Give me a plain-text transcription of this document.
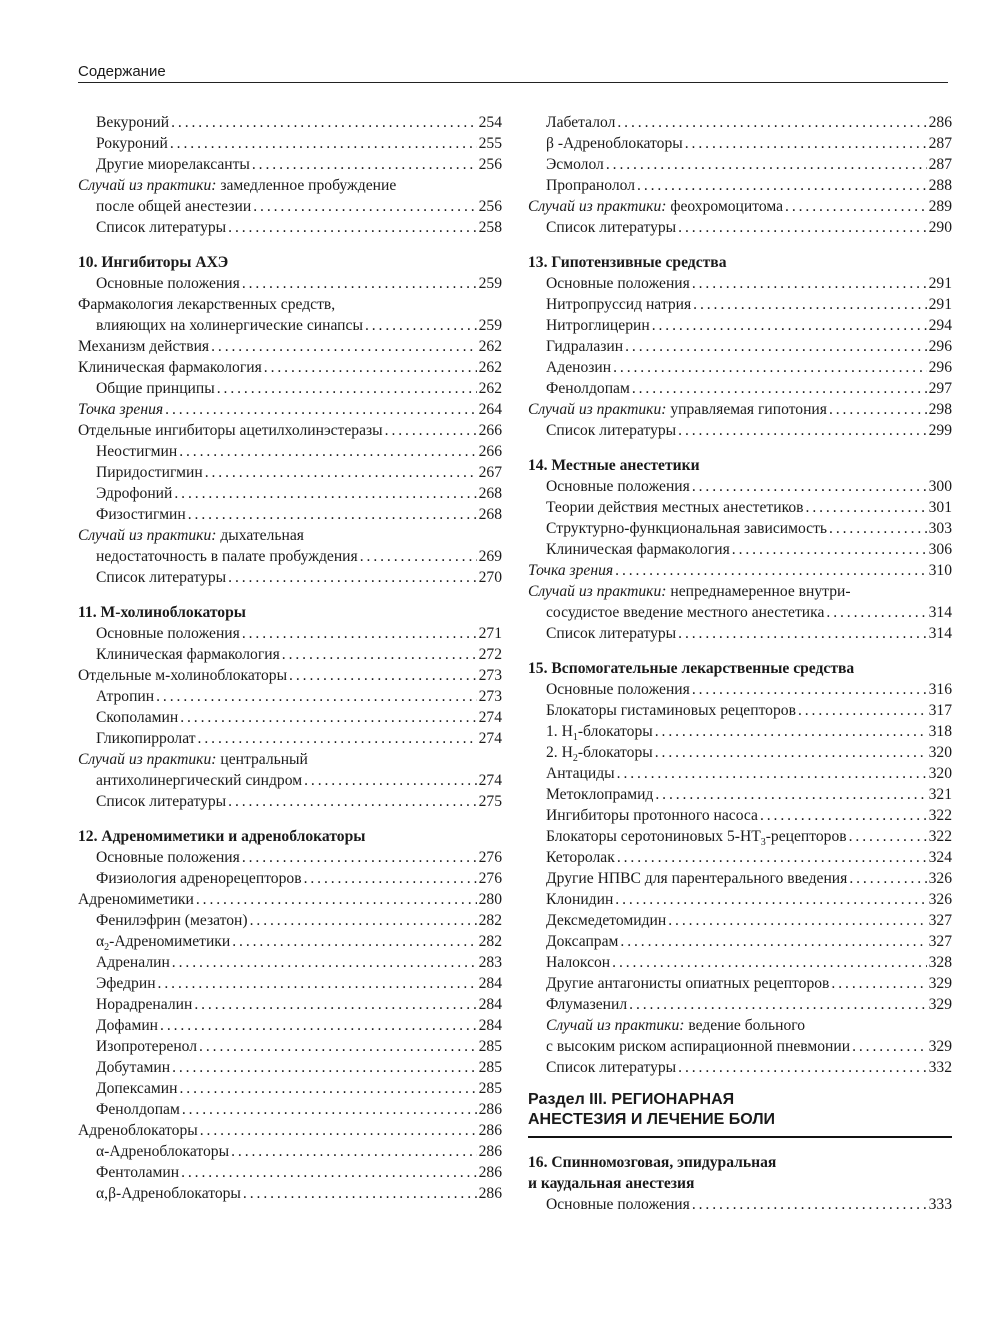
Содержание
Векуроний . . .	254
Рокуроний . . .	255
Другие миорелаксанты . . .	256
Случай из практики: замедленное пробуждение
после общей анестезии . . .	256
Список литературы . . .	258
10. Ингибиторы АХЭ
Основные положения . . .	259
Фармакология лекарственных средств,
влияющих на холинергические синапсы . . .	259
Механизм действия . . .	262
Клиническая фармакология . . .	262
Общие принципы . . .	262
Точка зрения . . .	264
Отдельные ингибиторы ацетилхолинэстеразы . . .	266
Неостигмин . . .	266
Пиридостигмин . . .	267
Эдрофоний . . .	268
Физостигмин . . .	268
Случай из практики: дыхательная
недостаточность в палате пробуждения . . .	269
Список литературы . . .	270
11. М-холиноблокаторы
Основные положения . . .	271
Клиническая фармакология . . .	272
Отдельные м-холиноблокаторы . . .	273
Атропин . . .	273
Скополамин . . .	274
Гликопирролат . . .	274
Случай из практики: центральный
антихолинергический синдром . . .	274
Список литературы . . .	275
12. Адреномиметики и адреноблокаторы
Основные положения . . .	276
Физиология адренорецепторов . . .	276
Адреномиметики . . .	280
Фенилэфрин (мезатон) . . .	282
$\alpha_2$-Адреномиметики . . .	282
Адреналин . . .	283
Эфедрин . . .	284
Норадреналин . . .	284
Дофамин . . .	284
Изопротеренол . . .	285
Добутамин . . .	285
Допексамин . . .	285
Фенолдопам . . .	286
Адреноблокаторы . . .	286
α-Адреноблокаторы . . .	286
Фентоламин . . .	286
α,β-Адреноблокаторы . . .	286
Лабеталол . . .	286
β -Адреноблокаторы . . .	287
Эсмолол . . .	287
Пропранолол . . .	288
Случай из практики: феохромоцитома . . .	289
Список литературы . . .	290
13. Гипотензивные средства
Основные положения . . .	291
Нитропруссид натрия . . .	291
Нитроглицерин . . .	294
Гидралазин . . .	296
Аденозин . . .	296
Фенолдопам . . .	297
Случай из практики: управляемая гипотония . . .	298
Список литературы . . .	299
14. Местные анестетики
Основные положения . . .	300
Теории действия местных анестетиков . . .	301
Структурно-функциональная зависимость . . .	303
Клиническая фармакология . . .	306
Точка зрения . . .	310
Случай из практики: непреднамеренное внутри-
сосудистое введение местного анестетика . . .	314
Список литературы . . .	314
15. Вспомогательные лекарственные средства
Основные положения . . .	316
Блокаторы гистаминовых рецепторов . . .	317
1. $H_1$-блокаторы . . .	318
2. $H_2$-блокаторы . . .	320
Антациды . . .	320
Метоклопрамид . . .	321
Ингибиторы протонного насоса . . .	322
Блокаторы серотониновых $5-HT_3$-рецепторов . . .	322
Кеторолак . . .	324
Другие НПВС для парентерального введения . . .	326
Клонидин . . .	326
Дексмедетомидин . . .	327
Доксапрам . . .	327
Налоксон . . .	328
Другие антагонисты опиатных рецепторов . . .	329
Флумазенил . . .	329
Случай из практики: ведение больного
с высоким риском аспирационной пневмонии . . .	329
Список литературы . . .	332
Раздел III. РЕГИОНАРНАЯ
АНЕСТЕЗИЯ И ЛЕЧЕНИЕ БОЛИ
16. Спинномозговая, эпидуральная
и каудальная анестезия
Основные положения . . .	333
